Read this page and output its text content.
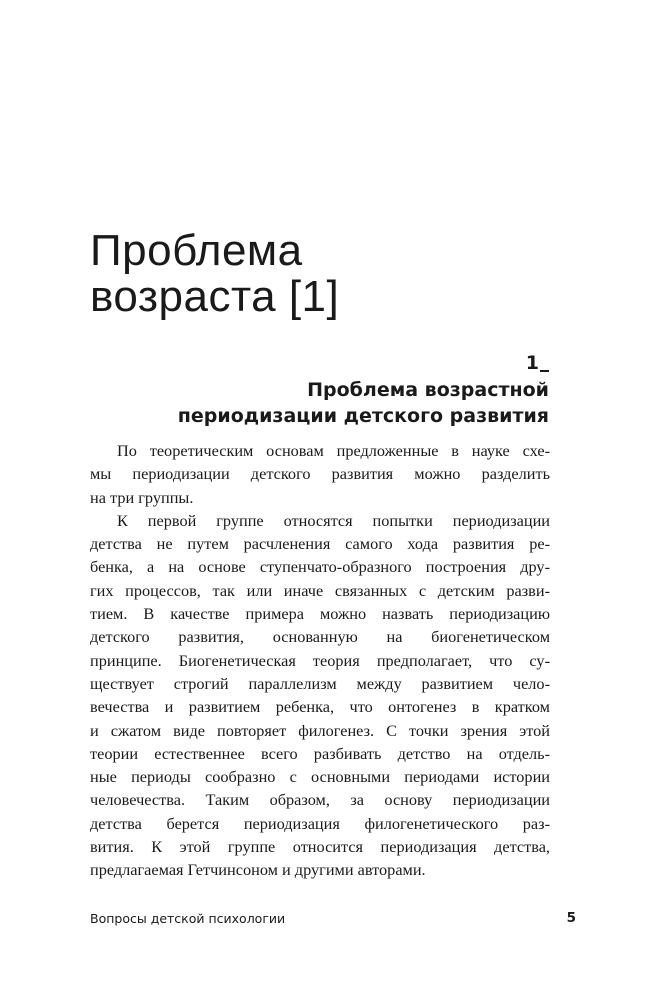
Проблема
возраста [1]
1
Проблема возрастной
периодизации детского развития

По теоретическим основам предложенные в науке схе-
мы периодизации детского развития можно разделить
на три группы.

К первой группе относятся попытки периодизации
детства не путем расчленения самого хода развития ре-
бенка, а на основе ступенчато-образного построения дру-
гих процессов, так или иначе связанных с детским разви-
тием. В качестве примера можно назвать периодизацию
детского развития, основанную на биогенетическом
принципе. Биогенетическая теория предполагает, что су-
ществует строгий параллелизм между развитием чело-
вечества и развитием ребенка, что онтогенез в кратком
и сжатом виде повторяет филогенез. С точки зрения этой
теории естественнее всего разбивать детство на отдель-
ные периоды сообразно с основными периодами истории
человечества. Таким образом, за основу периодизации
детства берется периодизация филогенетического раз-
вития. К этой группе относится периодизация детства,
предлагаемая Гетчинсоном и другими авторами.

Вопросы детской психологии	5
